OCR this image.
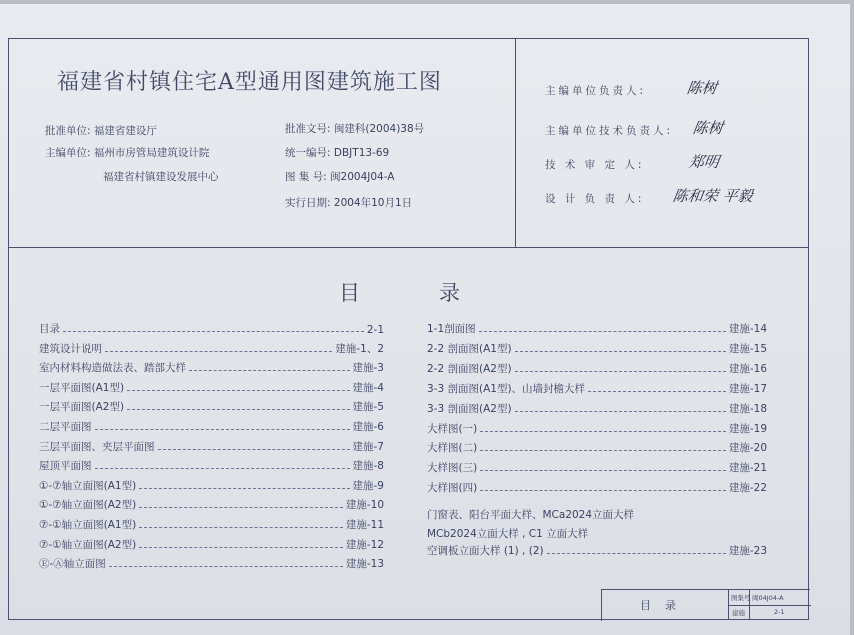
福建省村镇住宅A型通用图建筑施工图
批准单位: 福建省建设厅
主编单位: 福州市房管局建筑设计院
福建省村镇建设发展中心
批准文号: 闽建科(2004)38号
统一编号: DBJT13-69
图 集 号: 闽2004J04-A
实行日期: 2004年10月1日
主编单位负责人:	陈树
主编单位技术负责人: 陈树
技 术 审 定 人:	郑明
设 计 负 责 人: 陈和荣 平毅
目	录
目录	2-1
建筑设计说明	建施-1、2
室内材料构造做法表、踏部大样	建施-3
一层平面图(A1型)	建施-4
一层平面图(A2型)	建施-5
二层平面图	建施-6
三层平面图、夹层平面图	建施-7
屋顶平面图	建施-8
①-⑦轴立面图(A1型)	建施-9
①-⑦轴立面图(A2型)	建施-10
⑦-①轴立面图(A1型)	建施-11
⑦-①轴立面图(A2型)	建施-12
Ⓔ-Ⓐ轴立面图	建施-13
1-1剖面图	建施-14
2-2 剖面图(A1型)	建施-15
2-2 剖面图(A2型)	建施-16
3-3 剖面图(A1型)、山墙封檐大样	建施-17
3-3 剖面图(A2型)	建施-18
大样图(一)	建施-19
大样图(二)	建施-20
大样图(三)	建施-21
大样图(四)	建施-22
门窗表、阳台平面大样、MCa2024立面大样
MCb2024立面大样 , C1 立面大样
空调板立面大样 (1) , (2)	建施-23
目录
图集号 闽04J04-A
建施	2-1
